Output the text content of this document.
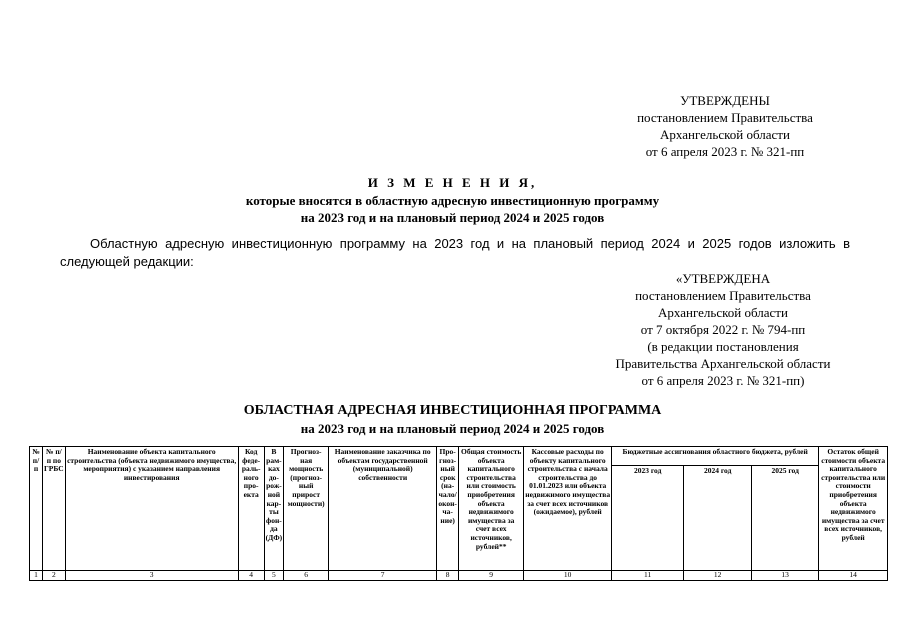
УТВЕРЖДЕНЫ
постановлением Правительства
Архангельской области
от 6 апреля 2023 г. № 321-пп
И З М Е Н Е Н И Я,
которые вносятся в областную адресную инвестиционную программу
на 2023 год и на плановый период 2024 и 2025 годов
Областную адресную инвестиционную программу на 2023 год и на плановый период 2024 и 2025 годов изложить в следующей редакции:
«УТВЕРЖДЕНА
постановлением Правительства
Архангельской области
от 7 октября 2022 г. № 794-пп
(в редакции постановления
Правительства Архангельской области
от 6 апреля 2023 г. № 321-пп)
ОБЛАСТНАЯ АДРЕСНАЯ ИНВЕСТИЦИОННАЯ ПРОГРАММА
на 2023 год и на плановый период 2024 и 2025 годов
№ п/п	№ п/п по ГРБС	Наименование объекта капитального строительства (объекта недвижимого имущества, мероприятия) с указанием направления инвестирования	Код феде-раль-ного про-екта	В рам-ках до-рож-ной кар-ты фон-да (ДФ)	Прогноз-ная мощность (прогноз-ный прирост мощности)	Наименование заказчика по объектам государственной (муниципальной) собственности	Про-гноз-ный срок (на-чало/окон-ча-ние)	Общая стоимость объекта капитального строительства или стоимость приобретения объекта недвижимого имущества за счет всех источников, рублей**	Кассовые расходы по объекту капитального строительства с начала строительства до 01.01.2023 или объекта недвижимого имущества за счет всех источников (ожидаемое), рублей	Бюджетные ассигнования областного бюджета, рублей			Остаток общей стоимости объекта капитального строительства или стоимости приобретения объекта недвижимого имущества за счет всех источников, рублей
										2023 год	2024 год	2025 год	
1	2	3	4	5	6	7	8	9	10	11	12	13	14
